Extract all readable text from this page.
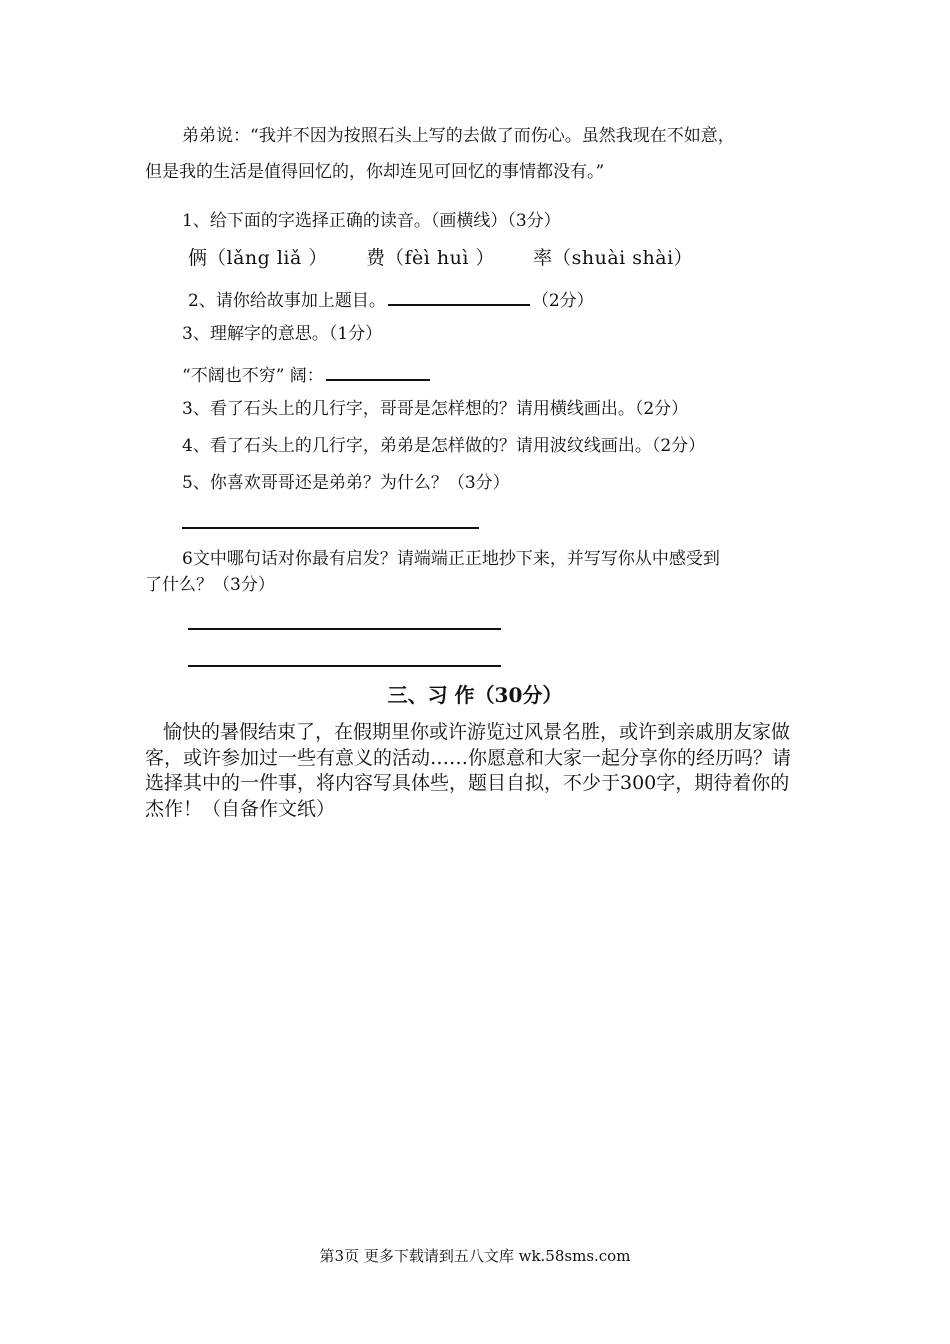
弟弟说：“我并不因为按照石头上写的去做了而伤心。虽然我现在不如意，
但是我的生活是值得回忆的，你却连见可回忆的事情都没有。”
1、给下面的字选择正确的读音。（画横线）（3分）
俩（lǎng liǎ ） 费（fèì huì ） 率（shuài shài）
2、请你给故事加上题目。	（2分）
3、理解字的意思。（1分）
“不阔也不穷” 阔：
3、看了石头上的几行字，哥哥是怎样想的？请用横线画出。（2分）
4、看了石头上的几行字，弟弟是怎样做的？请用波纹线画出。（2分）
5、你喜欢哥哥还是弟弟？为什么？（3分）
6文中哪句话对你最有启发？请端端正正地抄下来，并写写你从中感受到
了什么？（3分）
三、习 作（30分）
愉快的暑假结束了，在假期里你或许游览过风景名胜，或许到亲戚朋友家做
客，或许参加过一些有意义的活动……你愿意和大家一起分享你的经历吗？请
选择其中的一件事，将内容写具体些，题目自拟，不少于300字，期待着你的
杰作！（自备作文纸）
第3页 更多下载请到五八文库 wk.58sms.com
